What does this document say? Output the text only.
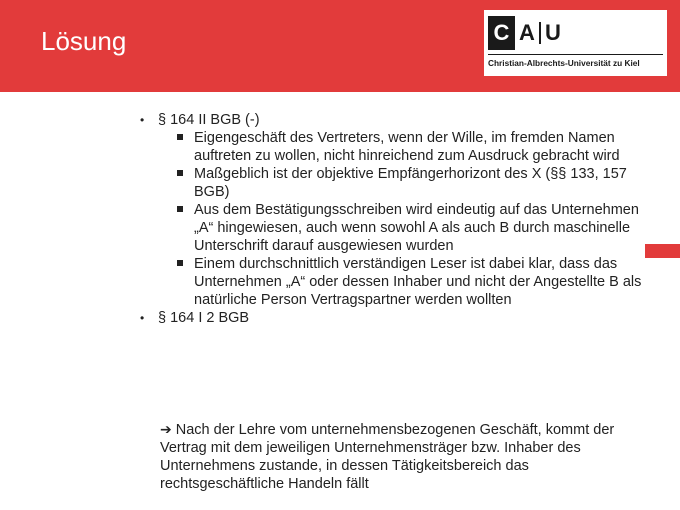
Lösung	C A U
Christian-Albrechts-Universität zu Kiel

• § 164 II BGB (-)

Eigengeschäft des Vertreters, wenn der Wille, im fremden Namen auftreten zu wollen, nicht hinreichend zum Ausdruck gebracht wird

Maßgeblich ist der objektive Empfängerhorizont des X (§§ 133, 157 BGB)

Aus dem Bestätigungsschreiben wird eindeutig auf das Unternehmen „A“ hingewiesen, auch wenn sowohl A als auch B durch maschinelle Unterschrift darauf ausgewiesen wurden

Einem durchschnittlich verständigen Leser ist dabei klar, dass das Unternehmen „A“ oder dessen Inhaber und nicht der Angestellte B als natürliche Person Vertragspartner werden wollten

• § 164 I 2 BGB

➔ Nach der Lehre vom unternehmensbezogenen Geschäft, kommt der Vertrag mit dem jeweiligen Unternehmensträger bzw. Inhaber des Unternehmens zustande, in dessen Tätigkeitsbereich das rechtsgeschäftliche Handeln fällt
